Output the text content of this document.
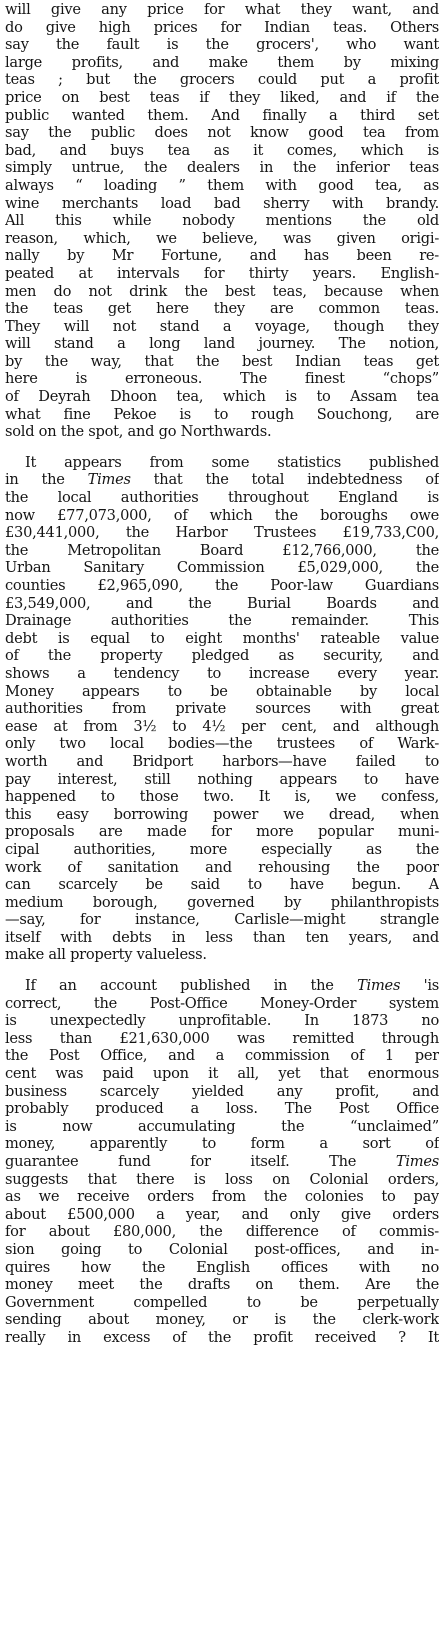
will give any price for what they want, and
do give high prices for Indian teas. Others
say the fault is the grocers', who want
large profits, and make them by mixing
teas ; but the grocers could put a profit
price on best teas if they liked, and if the
public wanted them. And finally a third set
say the public does not know good tea from
bad, and buys tea as it comes, which is
simply untrue, the dealers in the inferior teas
always “ loading ” them with good tea, as
wine merchants load bad sherry with brandy.
All this while nobody mentions the old
reason, which, we believe, was given origi-
nally by Mr Fortune, and has been re-
peated at intervals for thirty years. English-
men do not drink the best teas, because when
the teas get here they are common teas.
They will not stand a voyage, though they
will stand a long land journey. The notion,
by the way, that the best Indian teas get
here is erroneous. The finest “chops”
of Deyrah Dhoon tea, which is to Assam tea
what fine Pekoe is to rough Souchong, are
sold on the spot, and go Northwards.
It appears from some statistics published
in the Times that the total indebtedness of
the local authorities throughout England is
now £77,073,000, of which the boroughs owe
£30,441,000, the Harbor Trustees £19,733,C00,
the Metropolitan Board £12,766,000, the
Urban Sanitary Commission £5,029,000, the
counties £2,965,090, the Poor-law Guardians
£3,549,000, and the Burial Boards and
Drainage authorities the remainder. This
debt is equal to eight months' rateable value
of the property pledged as security, and
shows a tendency to increase every year.
Money appears to be obtainable by local
authorities from private sources with great
ease at from 3½ to 4½ per cent, and although
only two local bodies—the trustees of Wark-
worth and Bridport harbors—have failed to
pay interest, still nothing appears to have
happened to those two. It is, we confess,
this easy borrowing power we dread, when
proposals are made for more popular muni-
cipal authorities, more especially as the
work of sanitation and rehousing the poor
can scarcely be said to have begun. A
medium borough, governed by philanthropists
—say, for instance, Carlisle—might strangle
itself with debts in less than ten years, and
make all property valueless.
If an account published in the Times 'is
correct, the Post-Office Money-Order system
is unexpectedly unprofitable. In 1873 no
less than £21,630,000 was remitted through
the Post Office, and a commission of 1 per
cent was paid upon it all, yet that enormous
business scarcely yielded any profit, and
probably produced a loss. The Post Office
is now accumulating the “unclaimed”
money, apparently to form a sort of
guarantee fund for itself. The Times
suggests that there is loss on Colonial orders,
as we receive orders from the colonies to pay
about £500,000 a year, and only give orders
for about £80,000, the difference of commis-
sion going to Colonial post-offices, and in-
quires how the English offices with no
money meet the drafts on them. Are the
Government compelled to be perpetually
sending about money, or is the clerk-work
really in excess of the profit received ? It
